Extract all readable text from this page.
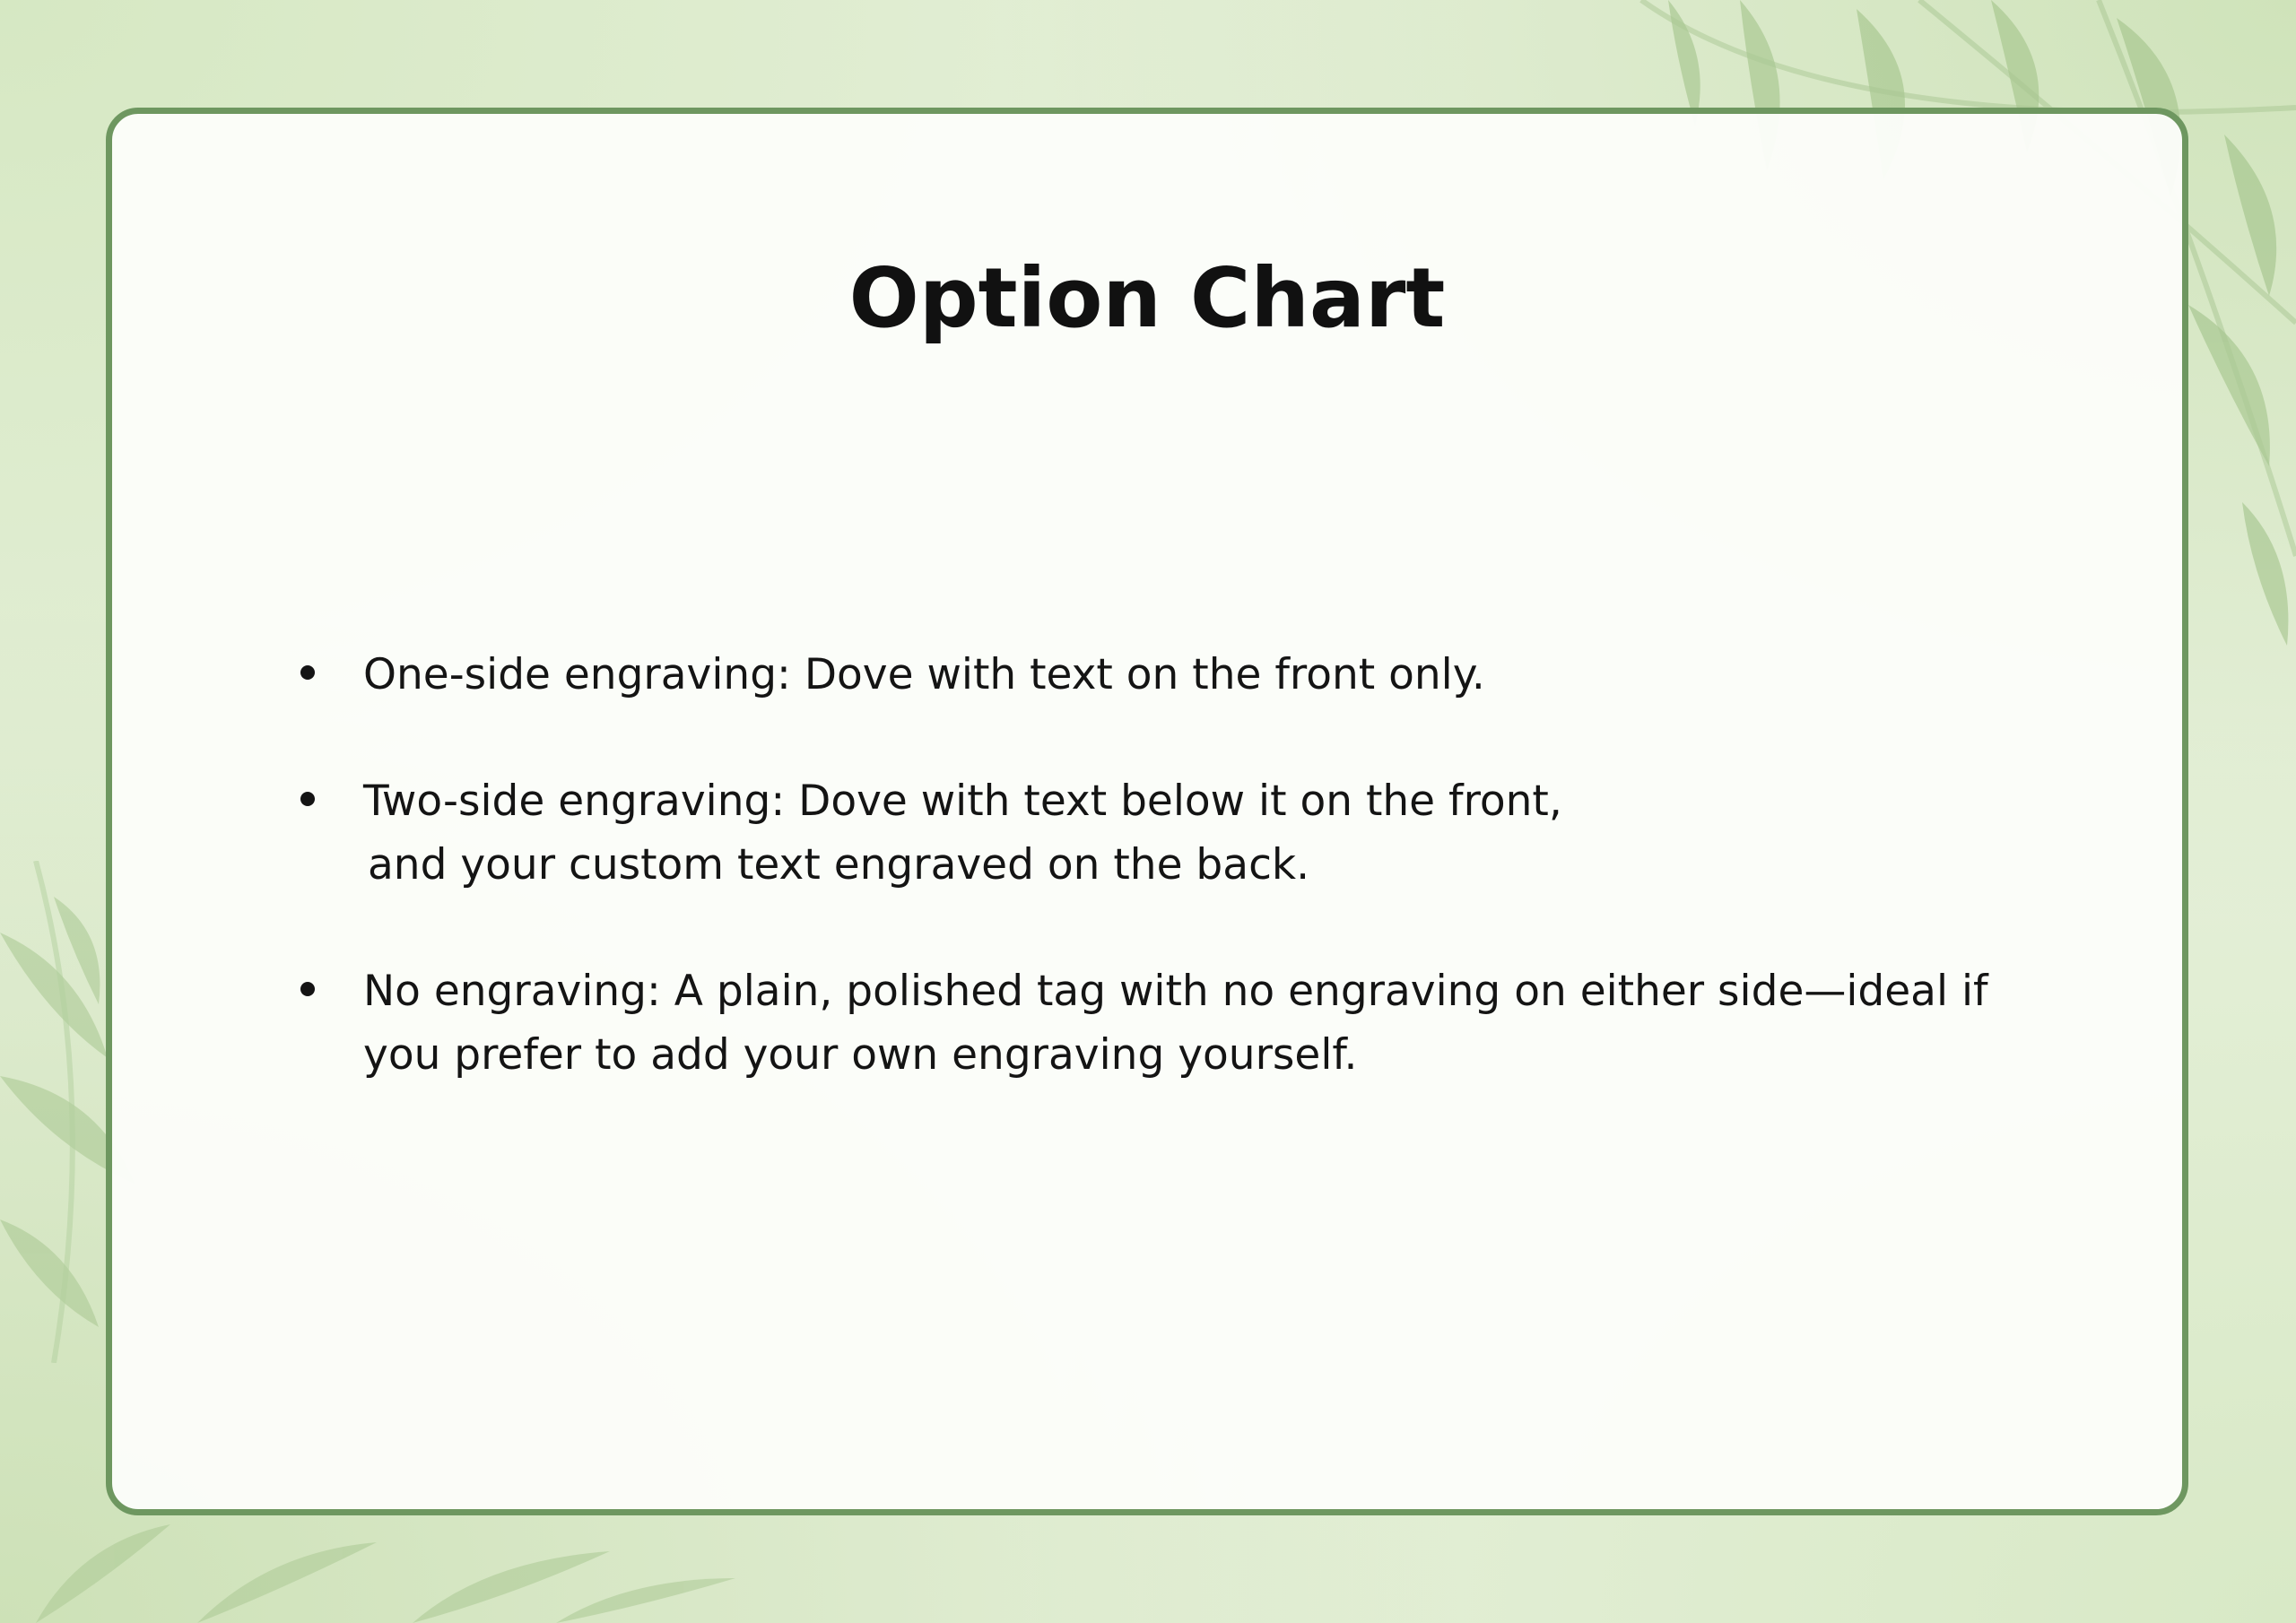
Option Chart
One-side engraving: Dove with text on the front only.
Two-side engraving: Dove with text below it on the front,
and your custom text engraved on the back.
No engraving: A plain, polished tag with no engraving on either side—ideal if
you prefer to add your own engraving yourself.
